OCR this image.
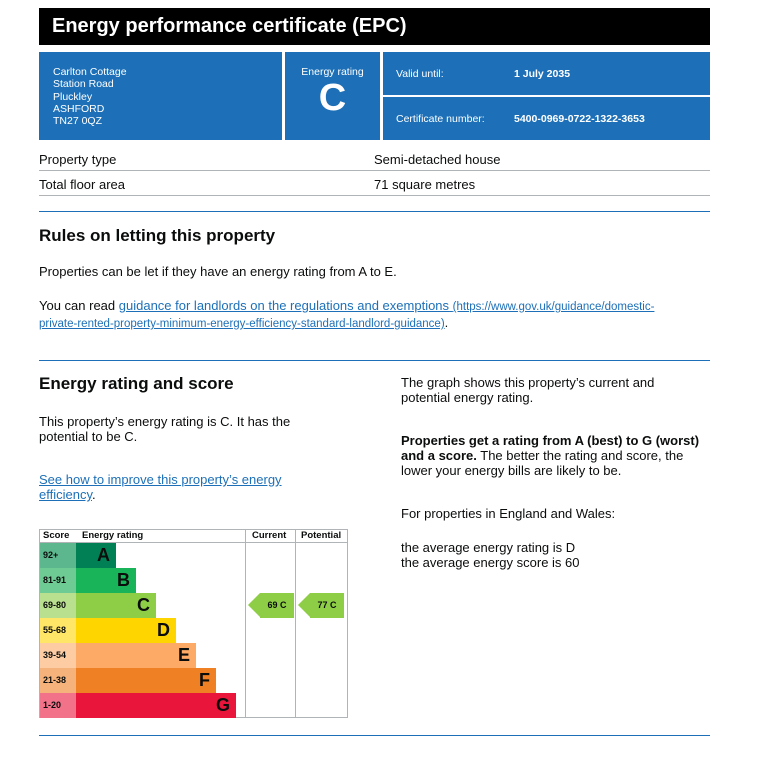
Energy performance certificate (EPC)
Carlton Cottage
Station Road
Pluckley
ASHFORD
TN27 0QZ
Energy rating
C
Valid until:	1 July 2035
Certificate number:	5400-0969-0722-1322-3653
Property type	Semi-detached house
Total floor area	71 square metres
Rules on letting this property
Properties can be let if they have an energy rating from A to E.
You can read guidance for landlords on the regulations and exemptions (https://www.gov.uk/guidance/domestic-
private-rented-property-minimum-energy-efficiency-standard-landlord-guidance).
Energy rating and score
This property’s energy rating is C. It has the
potential to be C.
See how to improve this property’s energy
efficiency.
The graph shows this property’s current and
potential energy rating.
Properties get a rating from A (best) to G (worst)
and a score. The better the rating and score, the
lower your energy bills are likely to be.
For properties in England and Wales:
the average energy rating is D
the average energy score is 60
Score Energy rating	Current Potential
92+	A
81-91	B
69-80	C
55-68	D
39-54	E
21-38	F
1-20	G
69 C	77 C
